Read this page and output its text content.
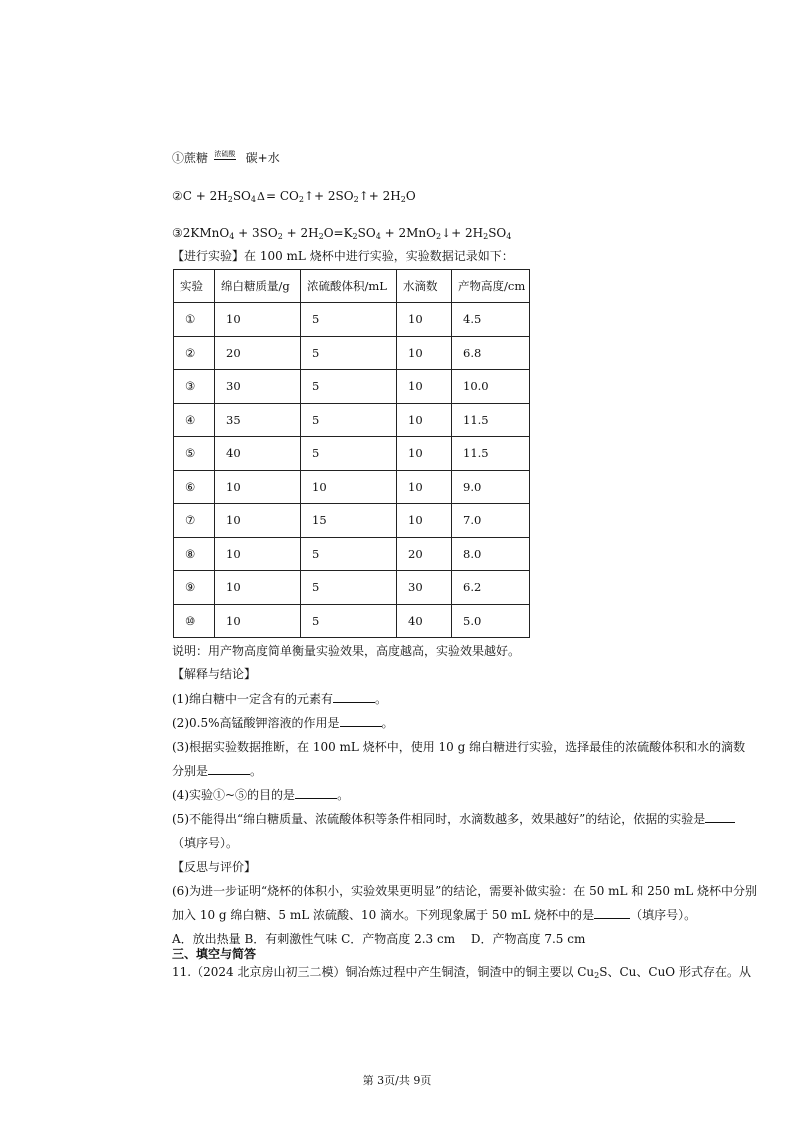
①蔗糖 $^{浓硫酸}$ 碳+水
②C + $2H_2SO_4$ $\Delta = CO_2↑+$ $2SO_2↑+ 2H_2O$
③2KMnO$_4$ + $3SO_2 + 2H_2O=K_2SO_4$ + 2MnO$_2$↓+ $2H_2SO_4$
【进行实验】在 100 mL 烧杯中进行实验，实验数据记录如下：
实验	绵白糖质量/g	浓硫酸体积/mL	水滴数	产物高度/cm
①	10	5	10	4.5
②	20	5	10	6.8
③	30	5	10	10.0
④	35	5	10	11.5
⑤	40	5	10	11.5
⑥	10	10	10	9.0
⑦	10	15	10	7.0
⑧	10	5	20	8.0
⑨	10	5	30	6.2
⑩	10	5	40	5.0
说明：用产物高度简单衡量实验效果，高度越高，实验效果越好。
【解释与结论】
(1)绵白糖中一定含有的元素有	。
(2)0.5%高锰酸钾溶液的作用是	。
(3)根据实验数据推断，在 100 mL 烧杯中，使用 10 g 绵白糖进行实验，选择最佳的浓硫酸体积和水的滴数
分别是	。
(4)实验①~⑤的目的是	。
(5)不能得出“绵白糖质量、浓硫酸体积等条件相同时，水滴数越多，效果越好”的结论，依据的实验是
（填序号）。
【反思与评价】
(6)为进一步证明“烧杯的体积小，实验效果更明显”的结论，需要补做实验：在 50 mL 和 250 mL 烧杯中分别
加入 10 g 绵白糖、5 mL 浓硫酸、10 滴水。下列现象属于 50 mL 烧杯中的是	（填序号）。
A．放出热量 B．有刺激性气味 C．产物高度 2.3 cm　 D．产物高度 7.5 cm
三、填空与简答
11.（2024 北京房山初三二模）铜冶炼过程中产生铜渣，铜渣中的铜主要以 $Cu_2S$、Cu、CuO 形式存在。从
第 3页/共 9页
